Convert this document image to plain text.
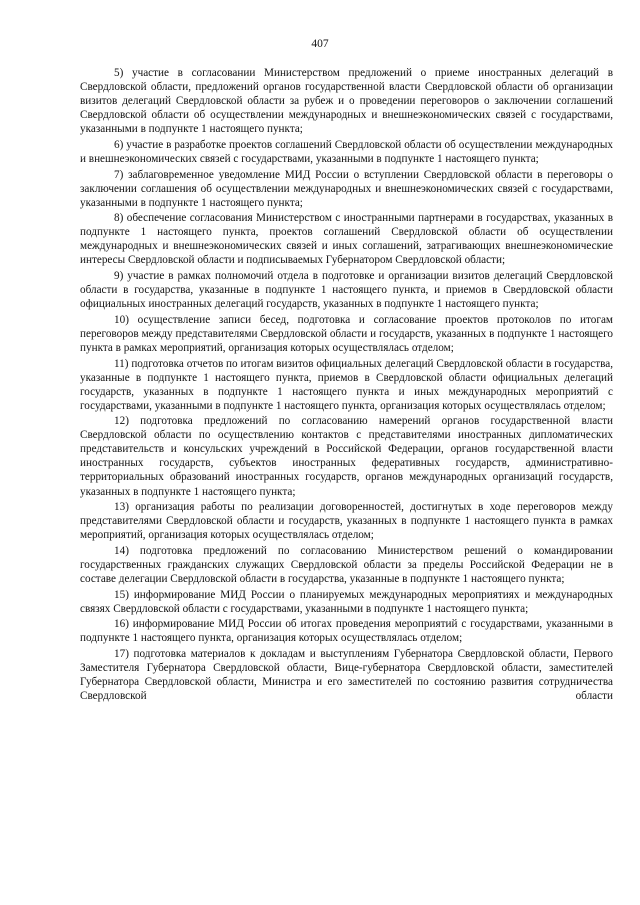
407

5) участие в согласовании Министерством предложений о приеме иностранных делегаций в Свердловской области, предложений органов государственной власти Свердловской области об организации визитов делегаций Свердловской области за рубеж и о проведении переговоров о заключении соглашений Свердловской области об осуществлении международных и внешнеэкономических связей с государствами, указанными в подпункте 1 настоящего пункта;

6) участие в разработке проектов соглашений Свердловской области об осуществлении международных и внешнеэкономических связей с государствами, указанными в подпункте 1 настоящего пункта;

7) заблаговременное уведомление МИД России о вступлении Свердловской области в переговоры о заключении соглашения об осуществлении международных и внешнеэкономических связей с государствами, указанными в подпункте 1 настоящего пункта;

8) обеспечение согласования Министерством с иностранными партнерами в государствах, указанных в подпункте 1 настоящего пункта, проектов соглашений Свердловской области об осуществлении международных и внешнеэкономических связей и иных соглашений, затрагивающих внешнеэкономические интересы Свердловской области и подписываемых Губернатором Свердловской области;

9) участие в рамках полномочий отдела в подготовке и организации визитов делегаций Свердловской области в государства, указанные в подпункте 1 настоящего пункта, и приемов в Свердловской области официальных иностранных делегаций государств, указанных в подпункте 1 настоящего пункта;

10) осуществление записи бесед, подготовка и согласование проектов протоколов по итогам переговоров между представителями Свердловской области и государств, указанных в подпункте 1 настоящего пункта в рамках мероприятий, организация которых осуществлялась отделом;

11) подготовка отчетов по итогам визитов официальных делегаций Свердловской области в государства, указанные в подпункте 1 настоящего пункта, приемов в Свердловской области официальных делегаций государств, указанных в подпункте 1 настоящего пункта и иных международных мероприятий с государствами, указанными в подпункте 1 настоящего пункта, организация которых осуществлялась отделом;

12) подготовка предложений по согласованию намерений органов государственной власти Свердловской области по осуществлению контактов с представителями иностранных дипломатических представительств и консульских учреждений в Российской Федерации, органов государственной власти иностранных государств, субъектов иностранных федеративных государств, административно-территориальных образований иностранных государств, органов международных организаций государств, указанных в подпункте 1 настоящего пункта;

13) организация работы по реализации договоренностей, достигнутых в ходе переговоров между представителями Свердловской области и государств, указанных в подпункте 1 настоящего пункта в рамках мероприятий, организация которых осуществлялась отделом;

14) подготовка предложений по согласованию Министерством решений о командировании государственных гражданских служащих Свердловской области за пределы Российской Федерации не в составе делегации Свердловской области в государства, указанные в подпункте 1 настоящего пункта;

15) информирование МИД России о планируемых международных мероприятиях и международных связях Свердловской области с государствами, указанными в подпункте 1 настоящего пункта;

16) информирование МИД России об итогах проведения мероприятий с государствами, указанными в подпункте 1 настоящего пункта, организация которых осуществлялась отделом;

17) подготовка материалов к докладам и выступлениям Губернатора Свердловской области, Первого Заместителя Губернатора Свердловской области, Вице-губернатора Свердловской области, заместителей Губернатора Свердловской области, Министра и его заместителей по состоянию развития сотрудничества Свердловской области
